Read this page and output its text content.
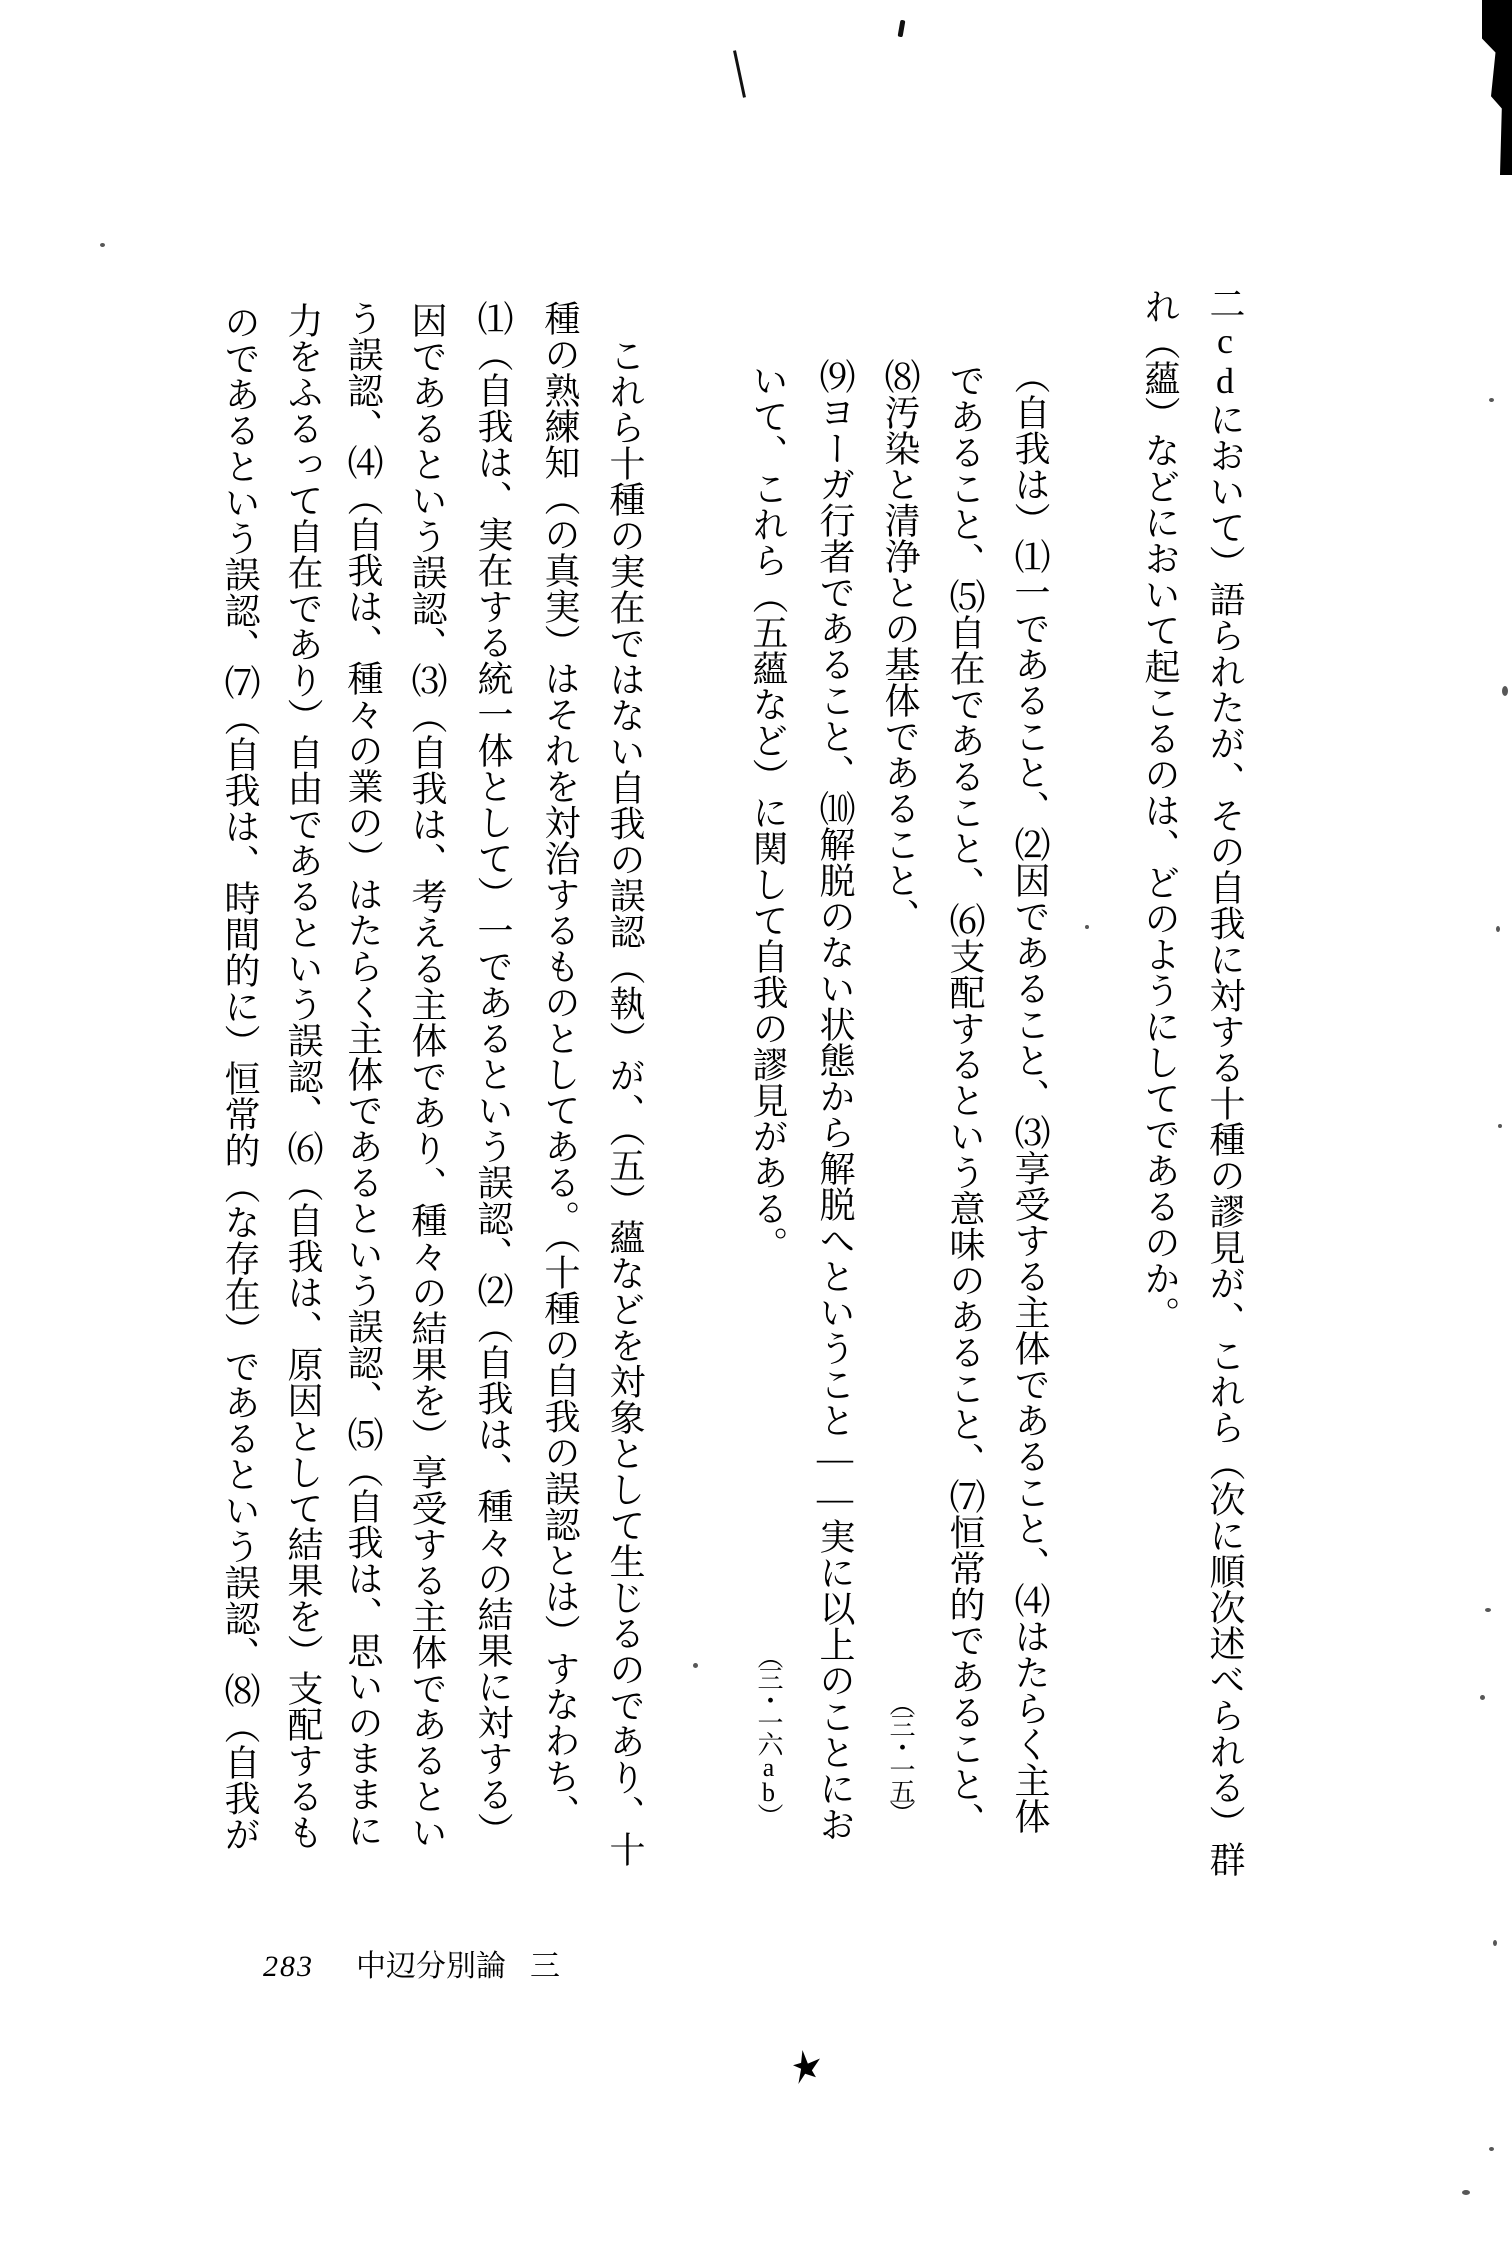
二cdにおいて）語られたが、その自我に対する十種の謬見が、これら（次に順次述べられる）群
れ（蘊）などにおいて起こるのは、どのようにしてであるのか。
（自我は）⑴一であること、⑵因であること、⑶享受する主体であること、⑷はたらく主体
であること、⑸自在であること、⑹支配するという意味のあること、⑺恒常的であること、
⑻汚染と清浄との基体であること、
（三・一五）
⑼ヨーガ行者であること、⑽解脱のない状態から解脱へということ——実に以上のことにお
いて、これら（五蘊など）に関して自我の謬見がある。
（三・一六ab）
これら十種の実在ではない自我の誤認（執）が、（五）蘊などを対象として生じるのであり、十
種の熟練知（の真実）はそれを対治するものとしてある。（十種の自我の誤認とは）すなわち、
⑴（自我は、実在する統一体として）一であるという誤認、⑵（自我は、種々の結果に対する）
因であるという誤認、⑶（自我は、考える主体であり、種々の結果を）享受する主体であるとい
う誤認、⑷（自我は、種々の業の）はたらく主体であるという誤認、⑸（自我は、思いのままに
力をふるって自在であり）自由であるという誤認、⑹（自我は、原因として結果を）支配するも
のであるという誤認、⑺（自我は、時間的に）恒常的（な存在）であるという誤認、⑻（自我が
283 中辺分別論 三
